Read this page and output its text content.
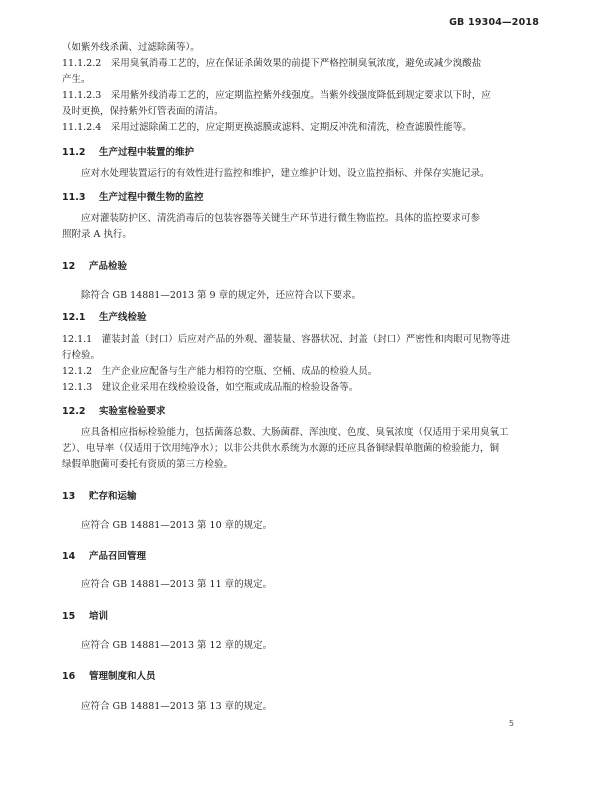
GB 19304—2018
（如紫外线杀菌、过滤除菌等）。
11.1.2.2　采用臭氧消毒工艺的，应在保证杀菌效果的前提下严格控制臭氧浓度，避免或减少溴酸盐
产生。
11.1.2.3　采用紫外线消毒工艺的，应定期监控紫外线强度。当紫外线强度降低到规定要求以下时，应
及时更换，保持紫外灯管表面的清洁。
11.1.2.4　采用过滤除菌工艺的，应定期更换滤膜或滤料、定期反冲洗和清洗，检查滤膜性能等。
11.2 生产过程中装置的维护
应对水处理装置运行的有效性进行监控和维护，建立维护计划、设立监控指标、并保存实施记录。
11.3 生产过程中微生物的监控
应对灌装防护区、清洗消毒后的包装容器等关键生产环节进行微生物监控。具体的监控要求可参
照附录 A 执行。
12 产品检验
除符合 GB 14881—2013 第 9 章的规定外，还应符合以下要求。
12.1 生产线检验
12.1.1　灌装封盖（封口）后应对产品的外观、灌装量、容器状况、封盖（封口）严密性和肉眼可见物等进
行检验。
12.1.2　生产企业应配备与生产能力相符的空瓶、空桶、成品的检验人员。
12.1.3　建议企业采用在线检验设备，如空瓶或成品瓶的检验设备等。
12.2 实验室检验要求
应具备相应指标检验能力，包括菌落总数、大肠菌群、浑浊度、色度、臭氧浓度（仅适用于采用臭氧工
艺）、电导率（仅适用于饮用纯净水）；以非公共供水系统为水源的还应具备铜绿假单胞菌的检验能力，铜
绿假单胞菌可委托有资质的第三方检验。
13 贮存和运输
应符合 GB 14881—2013 第 10 章的规定。
14 产品召回管理
应符合 GB 14881—2013 第 11 章的规定。
15 培训
应符合 GB 14881—2013 第 12 章的规定。
16 管理制度和人员
应符合 GB 14881—2013 第 13 章的规定。
5
